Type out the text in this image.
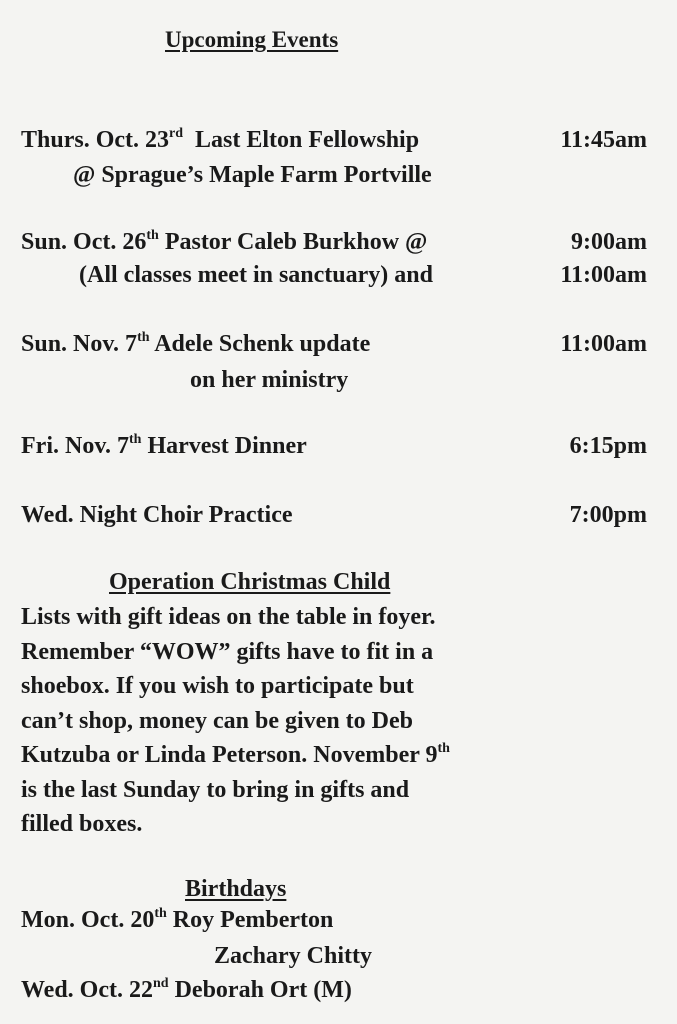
Upcoming Events
Thurs. Oct. 23rd  Last Elton Fellowship	11:45am
@ Sprague’s Maple Farm Portville
Sun. Oct. 26th Pastor Caleb Burkhow @	9:00am
(All classes meet in sanctuary) and	11:00am
Sun. Nov. 7th Adele Schenk update	11:00am
on her ministry
Fri. Nov. 7th Harvest Dinner	6:15pm
Wed. Night Choir Practice	7:00pm
Operation Christmas Child
Lists with gift ideas on the table in foyer.
Remember “WOW” gifts have to fit in a
shoebox. If you wish to participate but
can’t shop, money can be given to Deb
Kutzuba or Linda Peterson. November 9th
is the last Sunday to bring in gifts and
filled boxes.
Birthdays
Mon. Oct. 20th Roy Pemberton
Zachary Chitty
Wed. Oct. 22nd Deborah Ort (M)
